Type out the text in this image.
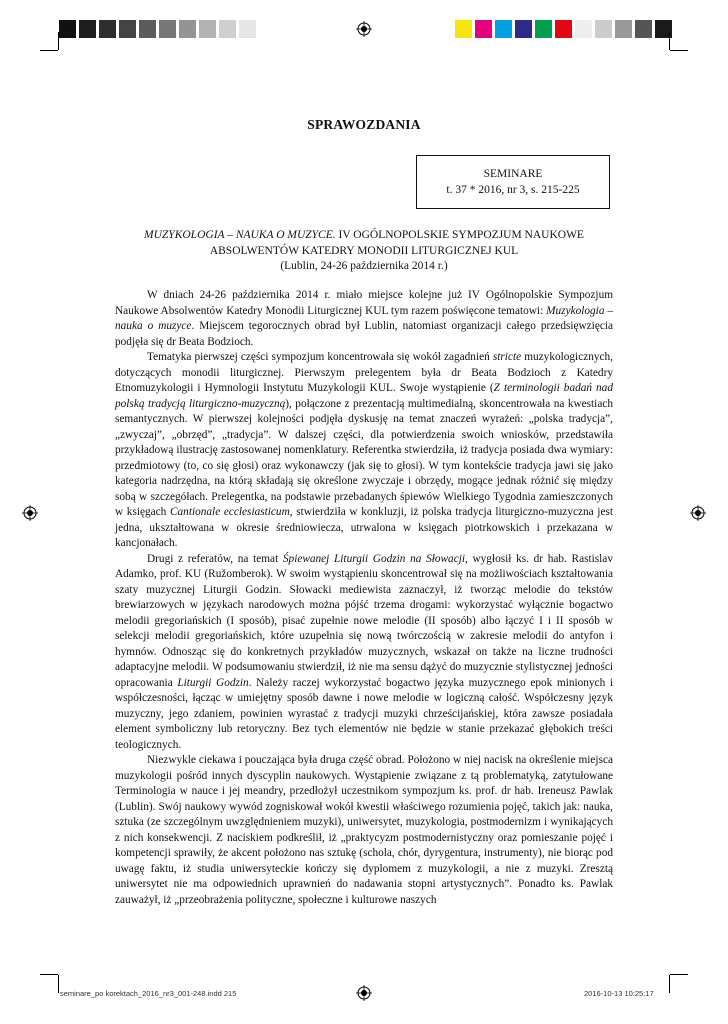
SPRAWOZDANIA
SEMINARE
t. 37 * 2016, nr 3, s. 215-225
MUZYKOLOGIA – NAUKA O MUZYCE. IV OGÓLNOPOLSKIE SYMPOZJUM NAUKOWE ABSOLWENTÓW KATEDRY MONODII LITURGICZNEJ KUL
(Lublin, 24-26 października 2014 r.)

W dniach 24-26 października 2014 r. miało miejsce kolejne już IV Ogólnopolskie Sympozjum Naukowe Absolwentów Katedry Monodii Liturgicznej KUL tym razem poświęcone tematowi: Muzykologia – nauka o muzyce. Miejscem tegorocznych obrad był Lublin, natomiast organizacji całego przedsięwzięcia podjęła się dr Beata Bodzioch.

Tematyka pierwszej części sympozjum koncentrowała się wokół zagadnień stricte muzykologicznych, dotyczących monodii liturgicznej. Pierwszym prelegentem była dr Beata Bodzioch z Katedry Etnomuzykologii i Hymnologii Instytutu Muzykologii KUL. Swoje wystąpienie (Z terminologii badań nad polską tradycją liturgiczno-muzyczną), połączone z prezentacją multimedialną, skoncentrowała na kwestiach semantycznych. W pierwszej kolejności podjęła dyskusję na temat znaczeń wyrażeń: „polska tradycja”, „zwyczaj”, „obrzęd”, „tradycja”. W dalszej części, dla potwierdzenia swoich wniosków, przedstawiła przykładową ilustrację zastosowanej nomenklatury. Referentka stwierdziła, iż tradycja posiada dwa wymiary: przedmiotowy (to, co się głosi) oraz wykonawczy (jak się to głosi). W tym kontekście tradycja jawi się jako kategoria nadrzędna, na którą składają się określone zwyczaje i obrzędy, mogące jednak różnić się między sobą w szczegółach. Prelegentka, na podstawie przebadanych śpiewów Wielkiego Tygodnia zamieszczonych w księgach Cantionale ecclesiasticum, stwierdziła w konkluzji, iż polska tradycja liturgiczno-muzyczna jest jedna, ukształtowana w okresie średniowiecza, utrwalona w księgach piotrkowskich i przekazana w kancjonałach.

Drugi z referatów, na temat Śpiewanej Liturgii Godzin na Słowacji, wygłosił ks. dr hab. Rastislav Adamko, prof. KU (Ružomberok). W swoim wystąpieniu skoncentrował się na możliwościach kształtowania szaty muzycznej Liturgii Godzin. Słowacki mediewista zaznaczył, iż tworząc melodie do tekstów brewiarzowych w językach narodowych można pójść trzema drogami: wykorzystać wyłącznie bogactwo melodii gregoriańskich (I sposób), pisać zupełnie nowe melodie (II sposób) albo łączyć I i II sposób w selekcji melodii gregoriańskich, które uzupełnia się nową twórczością w zakresie melodii do antyfon i hymnów. Odnosząc się do konkretnych przykładów muzycznych, wskazał on także na liczne trudności adaptacyjne melodii. W podsumowaniu stwierdził, iż nie ma sensu dążyć do muzycznie stylistycznej jedności opracowania Liturgii Godzin. Należy raczej wykorzystać bogactwo języka muzycznego epok minionych i współczesności, łącząc w umiejętny sposób dawne i nowe melodie w logiczną całość. Współczesny język muzyczny, jego zdaniem, powinien wyrastać z tradycji muzyki chrześcijańskiej, która zawsze posiadała element symboliczny lub retoryczny. Bez tych elementów nie będzie w stanie przekazać głębokich treści teologicznych.

Niezwykle ciekawa i pouczająca była druga część obrad. Położono w niej nacisk na określenie miejsca muzykologii pośród innych dyscyplin naukowych. Wystąpienie związane z tą problematyką, zatytułowane Terminologia w nauce i jej meandry, przedłożył uczestnikom sympozjum ks. prof. dr hab. Ireneusz Pawlak (Lublin). Swój naukowy wywód zogniskował wokół kwestii właściwego rozumienia pojęć, takich jak: nauka, sztuka (ze szczególnym uwzględnieniem muzyki), uniwersytet, muzykologia, postmodernizm i wynikających z nich konsekwencji. Z naciskiem podkreślił, iż „praktycyzm postmodernistyczny oraz pomieszanie pojęć i kompetencji sprawiły, że akcent położono nas sztukę (schola, chór, dyrygentura, instrumenty), nie biorąc pod uwagę faktu, iż studia uniwersyteckie kończy się dyplomem z muzykologii, a nie z muzyki. Zresztą uniwersytet nie ma odpowiednich uprawnień do nadawania stopni artystycznych”. Ponadto ks. Pawlak zauważył, iż „przeobrażenia polityczne, społeczne i kulturowe naszych

seminare_po korektach_2016_nr3_001-248.indd 215	2016-10-13 10:25:17
